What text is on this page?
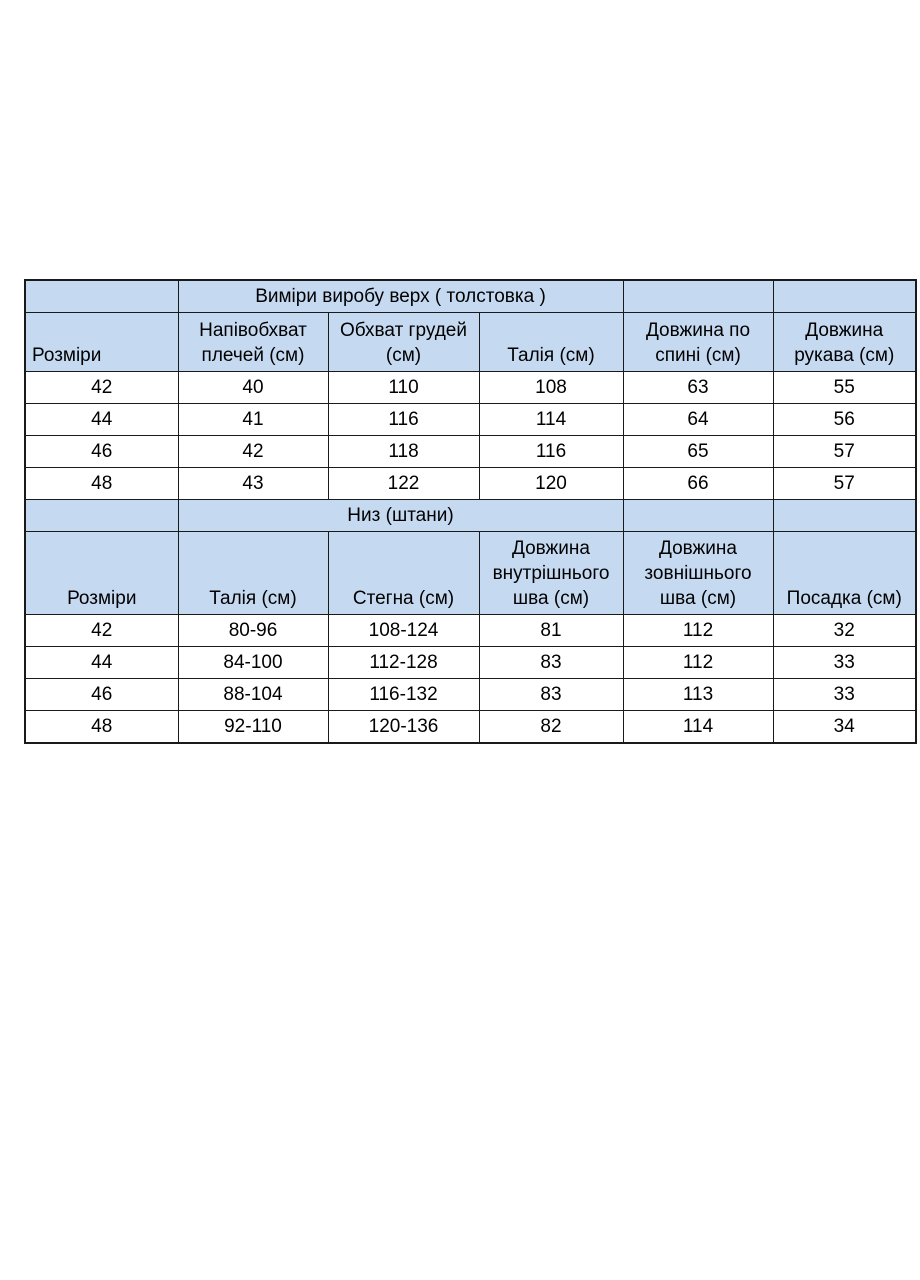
	Виміри виробу верх ( толстовка )				
Розміри	Напівобхват плечей (см)	Обхват грудей (см)	Талія (см)	Довжина по спині (см)	Довжина рукава (см)
42	40	110	108	63	55
44	41	116	114	64	56
46	42	118	116	65	57
48	43	122	120	66	57
	Низ (штани)				
Розміри	Талія (см)	Стегна (см)	Довжина внутрішнього шва (см)	Довжина зовнішнього шва (см)	Посадка (см)
42	80-96	108-124	81	112	32
44	84-100	112-128	83	112	33
46	88-104	116-132	83	113	33
48	92-110	120-136	82	114	34
